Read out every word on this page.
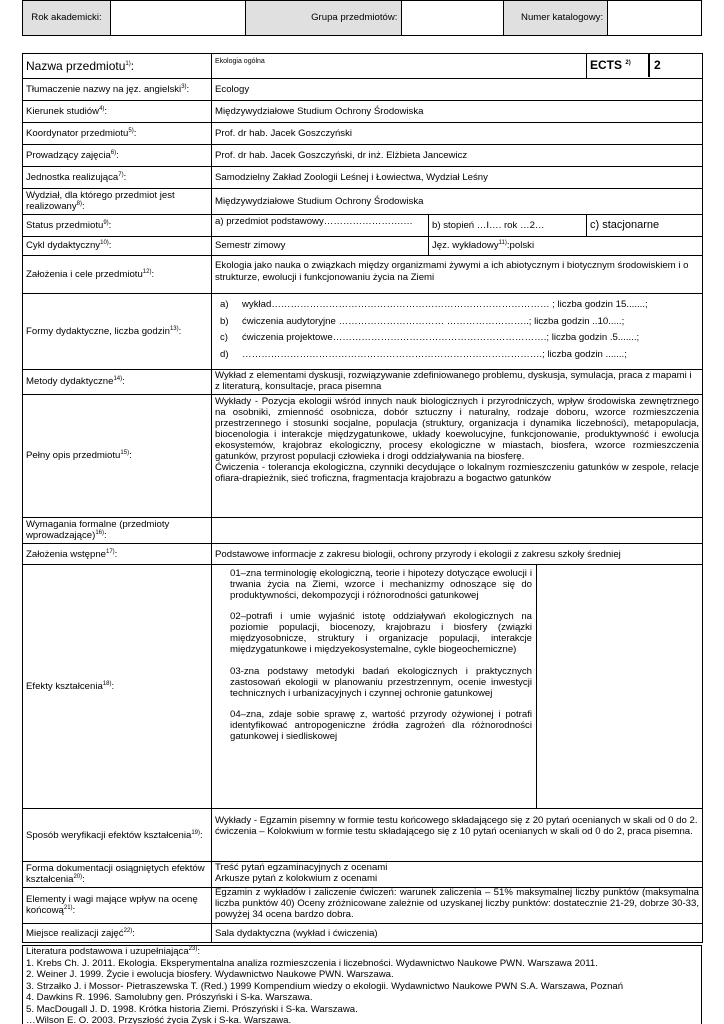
Rok akademicki:		Grupa przedmiotów:		Numer katalogowy:	
Nazwa przedmiotu$^{1)}$:	Ekologia ogólna		ECTS $^{2)}$	2

Tłumaczenie nazwy na jęz. angielski$^{3)}$:	Ecology
Kierunek studiów$^{4)}$:	Międzywydziałowe Studium Ochrony Środowiska
Koordynator przedmiotu$^{5)}$:	Prof. dr hab. Jacek Goszczyński
Prowadzący zajęcia$^{6)}$:	Prof. dr hab. Jacek Goszczyński, dr inż. Elżbieta Jancewicz
Jednostka realizująca$^{7)}$:	Samodzielny Zakład Zoologii Leśnej i Łowiectwa, Wydział Leśny
Wydział, dla którego przedmiot jest realizowany$^{8)}$:	Międzywydziałowe Studium Ochrony Środowiska
Status przedmiotu$^{9)}$:	a) przedmiot podstawowy…………………….…	b) stopień …I…. rok …2…	c) stacjonarne
Cykl dydaktyczny$^{10)}$:	Semestr zimowy	Jęz. wykładowy$^{11)}$:polski
Założenia i cele przedmiotu$^{12)}$:	Ekologia jako nauka o związkach między organizmami żywymi a ich abiotycznym i biotycznym środowiskiem i o strukturze, ewolucji i funkcjonowaniu życia na Ziemi
Formy dydaktyczne, liczba godzin$^{13)}$:	
a)	wykład…………………………………………………………………………… ; liczba godzin 15.......;
b)	ćwiczenia audytoryjne …………………………… ……………………..; liczba godzin ..10.....;
c)	ćwiczenia projektowe………………………………………………………….; liczba godzin .5.......;
d)	………………………………………………………………………………….; liczba godzin .......;

Metody dydaktyczne$^{14)}$:	Wykład z elementami dyskusji, rozwiązywanie zdefiniowanego problemu, dyskusja, symulacja, praca z mapami i z literaturą, konsultacje, praca pisemna
Pełny opis przedmiotu$^{15)}$:	
Wykłady - Pozycja ekologii wśród innych nauk biologicznych i przyrodniczych, wpływ środowiska zewnętrznego na osobniki, zmienność osobnicza, dobór sztuczny i naturalny, rodzaje doboru, wzorce rozmieszczenia przestrzennego i stosunki socjalne, populacja (struktury, organizacja i dynamika liczebności), metapopulacja, biocenologia i interakcje międzygatunkowe, układy koewolucyjne, funkcjonowanie, produktywność i ewolucja ekosystemów, krajobraz ekologiczny, procesy ekologiczne w miastach, biosfera, wzorce rozmieszczenia gatunków, przyrost populacji człowieka i drogi oddziaływania na biosferę.
Ćwiczenia - tolerancja ekologiczna, czynniki decydujące o lokalnym rozmieszczeniu gatunków w zespole, relacje ofiara-drapieżnik, sieć troficzna, fragmentacja krajobrazu a bogactwo gatunków

Wymagania formalne (przedmioty wprowadzające)$^{16)}$:	
Założenia wstępne$^{17)}$:	Podstawowe informacje z zakresu biologii, ochrony przyrody i ekologii z zakresu szkoły średniej
Efekty kształcenia$^{18)}$:	
01–zna terminologię ekologiczną, teorie i hipotezy dotyczące ewolucji i trwania życia na Ziemi, wzorce i mechanizmy odnoszące się do produktywności, dekompozycji i różnorodności gatunkowej
02–potrafi i umie wyjaśnić istotę oddziaływań ekologicznych na poziomie populacji, biocenozy, krajobrazu i biosfery (związki międzyosobnicze, struktury i organizacje populacji, interakcje międzygatunkowe i międzyekosystemalne, cykle biogeochemiczne)
03-zna podstawy metodyki badań ekologicznych i praktycznych zastosowań ekologii w planowaniu przestrzennym, ocenie inwestycji technicznych i urbanizacyjnych i czynnej ochronie gatunkowej
04–zna, zdaje sobie sprawę z, wartość przyrody ożywionej i potrafi identyfikować antropogeniczne źródła zagrożeń dla różnorodności gatunkowej i siedliskowej

Sposób weryfikacji efektów kształcenia$^{19)}$:	
Wykłady - Egzamin pisemny w formie testu końcowego składającego się z 20 pytań ocenianych w skali od 0 do 2.
ćwiczenia – Kolokwium w formie testu składającego się z 10 pytań ocenianych w skali od 0 do 2, praca pisemna.

Forma dokumentacji osiągniętych efektów kształcenia$^{20)}$:	
Treść pytań egzaminacyjnych z ocenami
Arkusze pytań z kolokwium z ocenami

Elementy i wagi mające wpływ na ocenę końcową$^{21)}$:	Egzamin z wykładów i zaliczenie ćwiczeń: warunek zaliczenia – 51% maksymalnej liczby punktów (maksymalna liczba punktów 40) Oceny zróżnicowane zależnie od uzyskanej liczby punktów: dostatecznie 21-29, dobrze 30-33, powyżej 34 ocena bardzo dobra.
Miejsce realizacji zajęć$^{22)}$:	Sala dydaktyczna (wykład i ćwiczenia)
Literatura podstawowa i uzupełniająca$^{23)}$:
1. Krebs Ch. J. 2011. Ekologia. Eksperymentalna analiza rozmieszczenia i liczebności. Wydawnictwo Naukowe PWN. Warszawa 2011.
2. Weiner J. 1999. Życie i ewolucja biosfery. Wydawnictwo Naukowe PWN. Warszawa.
3. Strzałko J. i Mossor- Pietraszewska T. (Red.) 1999 Kompendium wiedzy o ekologii. Wydawnictwo Naukowe PWN S.A. Warszawa, Poznań
4. Dawkins R. 1996. Samolubny gen. Prószyński i S-ka. Warszawa.
5. MacDougall J. D. 1998. Krótka historia Ziemi. Prószyński i S-ka. Warszawa.
…Wilson E. O. 2003. Przyszłość życia Zysk i S-ka. Warszawa.
